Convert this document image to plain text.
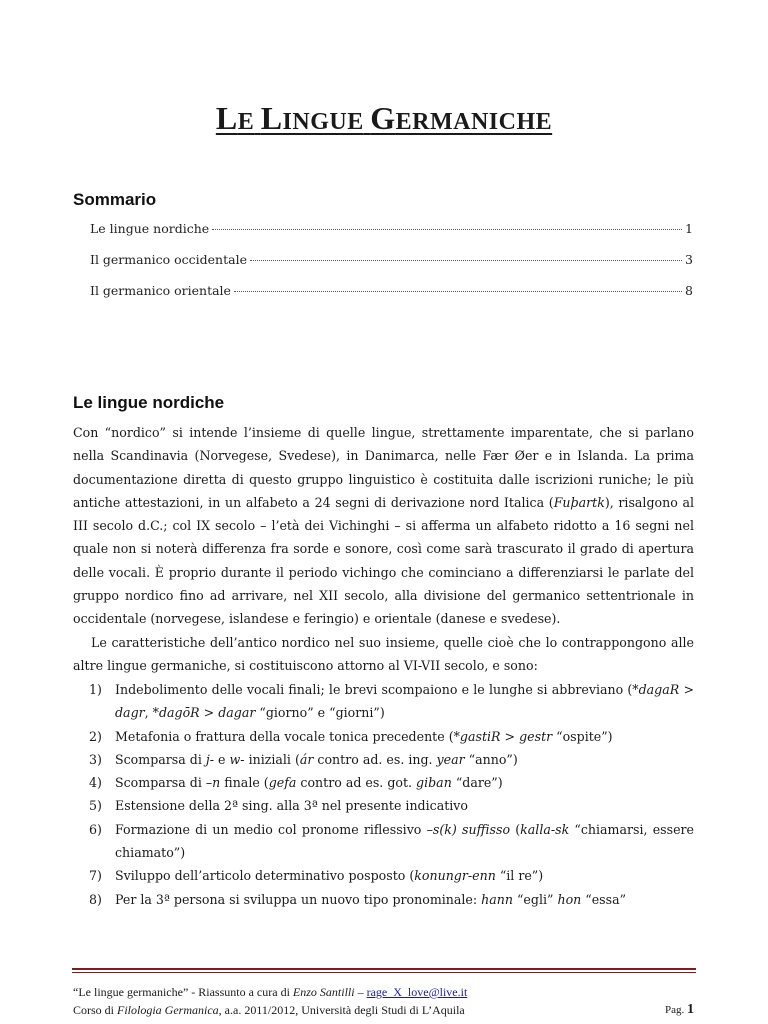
LE LINGUE GERMANICHE
Sommario
Le lingue nordiche	1
Il germanico occidentale	3
Il germanico orientale	8
Le lingue nordiche

Con “nordico” si intende l’insieme di quelle lingue, strettamente imparentate, che si parlano nella Scandinavia (Norvegese, Svedese), in Danimarca, nelle Fær Øer e in Islanda. La prima documentazione diretta di questo gruppo linguistico è costituita dalle iscrizioni runiche; le più antiche attestazioni, in un alfabeto a 24 segni di derivazione nord Italica (Fuþartk), risalgono al III secolo d.C.; col IX secolo – l’età dei Vichinghi – si afferma un alfabeto ridotto a 16 segni nel quale non si noterà differenza fra sorde e sonore, così come sarà trascurato il grado di apertura delle vocali. È proprio durante il periodo vichingo che cominciano a differenziarsi le parlate del gruppo nordico fino ad arrivare, nel XII secolo, alla divisione del germanico settentrionale in occidentale (norvegese, islandese e feringio) e orientale (danese e svedese).

Le caratteristiche dell’antico nordico nel suo insieme, quelle cioè che lo contrappongono alle altre lingue germaniche, si costituiscono attorno al VI-VII secolo, e sono:

1) Indebolimento delle vocali finali; le brevi scompaiono e le lunghe si abbreviano (*dagaR > dagr, *dagōR > dagar “giorno” e “giorni”)
2) Metafonia o frattura della vocale tonica precedente (*gastiR > gestr “ospite”)
3) Scomparsa di j- e w- iniziali (ár contro ad. es. ing. year “anno”)
4) Scomparsa di –n finale (gefa contro ad es. got. giban “dare”)
5) Estensione della 2ª sing. alla 3ª nel presente indicativo
6) Formazione di un medio col pronome riflessivo –s(k) suffisso (kalla-sk “chiamarsi, essere chiamato”)
7) Sviluppo dell’articolo determinativo posposto (konungr-enn “il re”)
8) Per la 3ª persona si sviluppa un nuovo tipo pronominale: hann “egli” hon “essa”
“Le lingue germaniche” - Riassunto a cura di Enzo Santilli – rage_X_love@live.it
Corso di Filologia Germanica, a.a. 2011/2012, Università degli Studi di L’Aquila	Pag. 1
